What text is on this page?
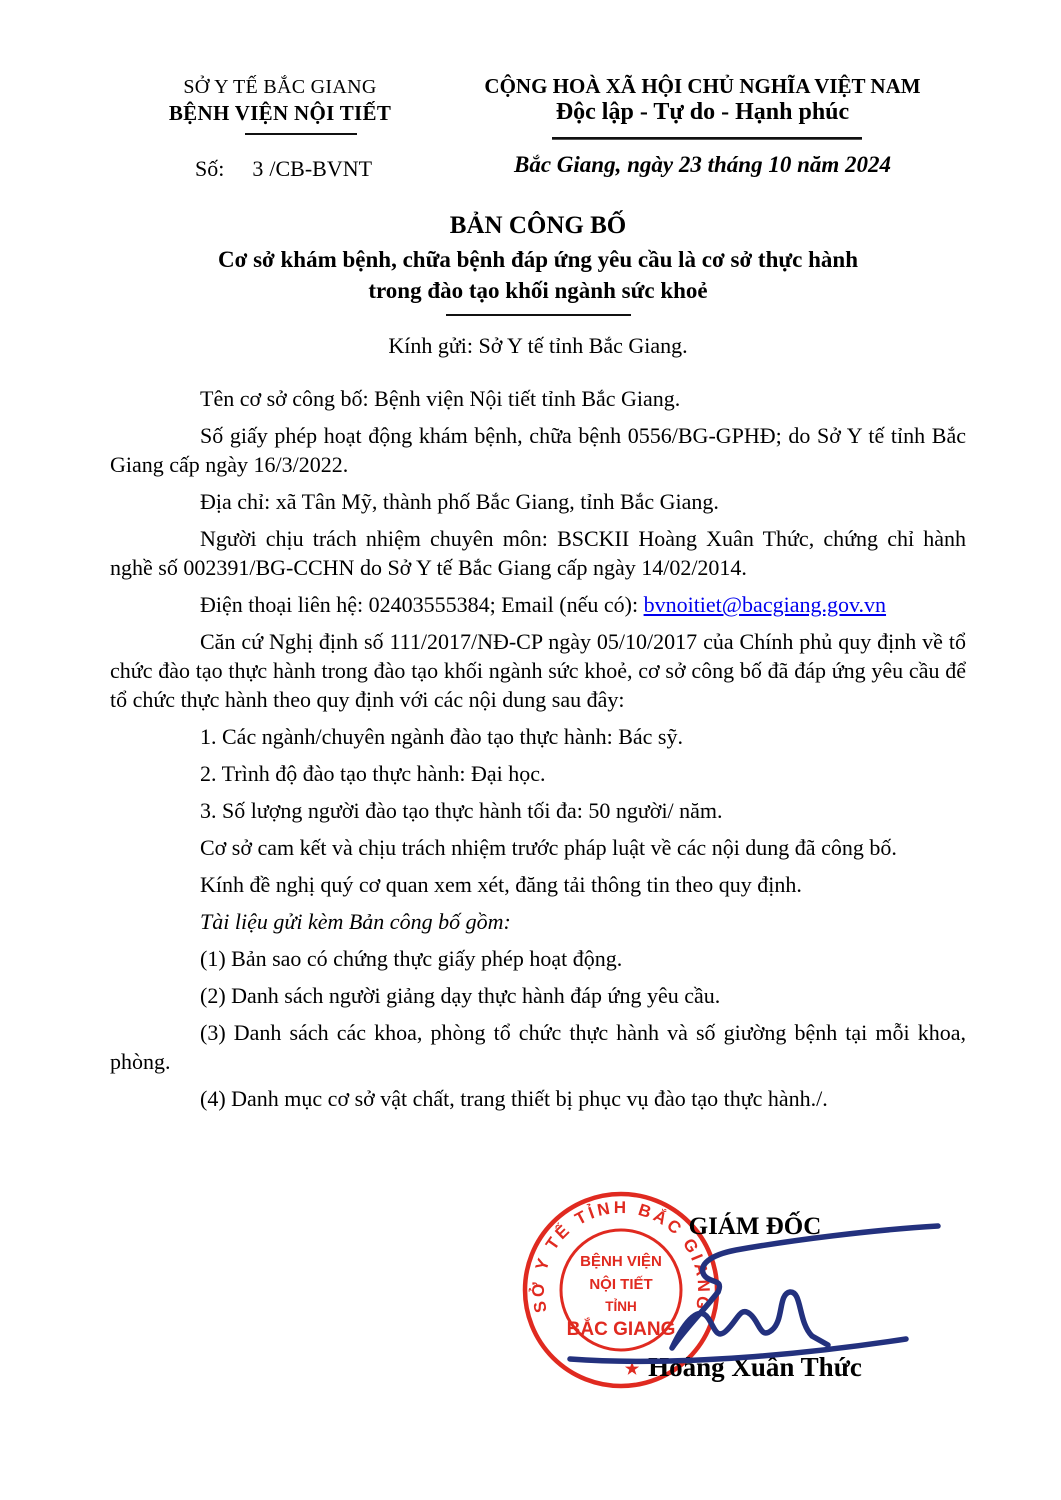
SỞ Y TẾ BẮC GIANG
BỆNH VIỆN NỘI TIẾT
Số: 3 /CB-BVNT
CỘNG HOÀ XÃ HỘI CHỦ NGHĨA VIỆT NAM
Độc lập - Tự do - Hạnh phúc
Bắc Giang, ngày 23 tháng 10 năm 2024
BẢN CÔNG BỐ
Cơ sở khám bệnh, chữa bệnh đáp ứng yêu cầu là cơ sở thực hành
trong đào tạo khối ngành sức khoẻ
Kính gửi: Sở Y tế tỉnh Bắc Giang.

Tên cơ sở công bố: Bệnh viện Nội tiết tỉnh Bắc Giang.

Số giấy phép hoạt động khám bệnh, chữa bệnh 0556/BG-GPHĐ; do Sở Y tế tỉnh Bắc Giang cấp ngày 16/3/2022.

Địa chỉ: xã Tân Mỹ, thành phố Bắc Giang, tỉnh Bắc Giang.

Người chịu trách nhiệm chuyên môn: BSCKII Hoàng Xuân Thức, chứng chỉ hành nghề số 002391/BG-CCHN do Sở Y tế Bắc Giang cấp ngày 14/02/2014.

Điện thoại liên hệ: 02403555384; Email (nếu có): bvnoitiet@bacgiang.gov.vn

Căn cứ Nghị định số 111/2017/NĐ-CP ngày 05/10/2017 của Chính phủ quy định về tổ chức đào tạo thực hành trong đào tạo khối ngành sức khoẻ, cơ sở công bố đã đáp ứng yêu cầu để tổ chức thực hành theo quy định với các nội dung sau đây:

1. Các ngành/chuyên ngành đào tạo thực hành: Bác sỹ.

2. Trình độ đào tạo thực hành: Đại học.

3. Số lượng người đào tạo thực hành tối đa: 50 người/ năm.

Cơ sở cam kết và chịu trách nhiệm trước pháp luật về các nội dung đã công bố.

Kính đề nghị quý cơ quan xem xét, đăng tải thông tin theo quy định.

Tài liệu gửi kèm Bản công bố gồm:

(1) Bản sao có chứng thực giấy phép hoạt động.

(2) Danh sách người giảng dạy thực hành đáp ứng yêu cầu.

(3) Danh sách các khoa, phòng tổ chức thực hành và số giường bệnh tại mỗi khoa, phòng.

(4) Danh mục cơ sở vật chất, trang thiết bị phục vụ đào tạo thực hành./.

GIÁM ĐỐC
Hoàng Xuân Thức
SỞ Y TẾ TỈNH BẮC GIANG
BỆNH VIỆN
NỘI TIẾT
TỈNH
BẮC GIANG
★
